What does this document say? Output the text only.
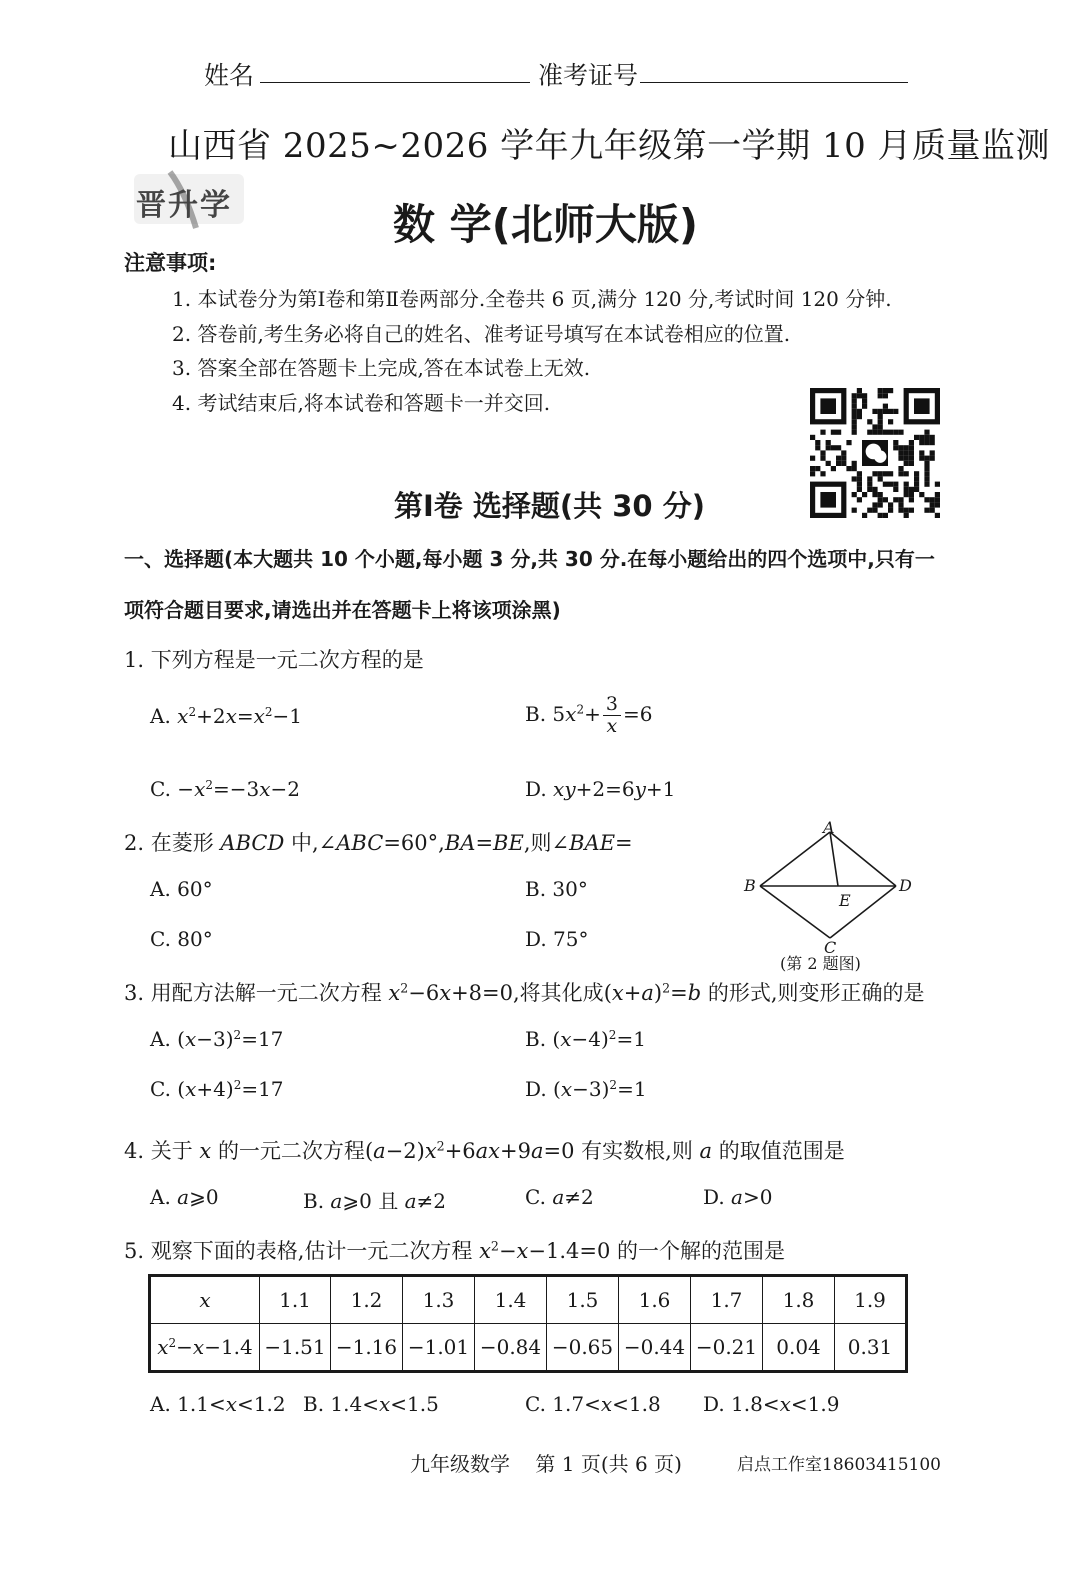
姓名	准考证号
山西省 2025~2026 学年九年级第一学期 10 月质量监测
晋升学	数 学(北师大版)
注意事项:
1. 本试卷分为第Ⅰ卷和第Ⅱ卷两部分.全卷共 6 页,满分 120 分,考试时间 120 分钟.
2. 答卷前,考生务必将自己的姓名、准考证号填写在本试卷相应的位置.
3. 答案全部在答题卡上完成,答在本试卷上无效.
4. 考试结束后,将本试卷和答题卡一并交回.
第Ⅰ卷 选择题(共 30 分)
一、选择题(本大题共 10 个小题,每小题 3 分,共 30 分.在每小题给出的四个选项中,只有一
项符合题目要求,请选出并在答题卡上将该项涂黑)
1. 下列方程是一元二次方程的是
A. $x^2+2x=x^2-1$	B. $5x^2+ \frac{3}{x} =6$
C. $-x^2=-3x-2$	D. xy+2=6y+1
2. 在菱形 ABCD 中,∠ABC=60°,BA=BE,则∠BAE=
A. 60°	B. 30°
C. 80°	D. 75°
A
B	D
E
C
(第 2 题图)
3. 用配方法解一元二次方程 $x^2-6x+8=0$,将其化成$(x+a)^2=b$ 的形式,则变形正确的是
A. $(x-3)^2=17$	B. $(x-4)^2=1$
C. $(x+4)^2=17$	D. $(x-3)^2=1$
4. 关于 x 的一元二次方程$(a-2)x^2+6ax+9a=0$ 有实数根,则 a 的取值范围是
A. a⩾0	B. a⩾0 且 a≠2	C. a≠2	D. a>0
5. 观察下面的表格,估计一元二次方程 $x^2-x-1.4=0$ 的一个解的范围是
x	1.1	1.2	1.3	1.4	1.5	1.6	1.7	1.8	1.9
$x^2-x-1.4$	−1.51	−1.16	−1.01	−0.84	−0.65	−0.44	−0.21	0.04	0.31
A. 1.1<x<1.2 B. 1.4<x<1.5	C. 1.7<x<1.8 D. 1.8<x<1.9
九年级数学    第 1 页(共 6 页)	启点工作室18603415100
